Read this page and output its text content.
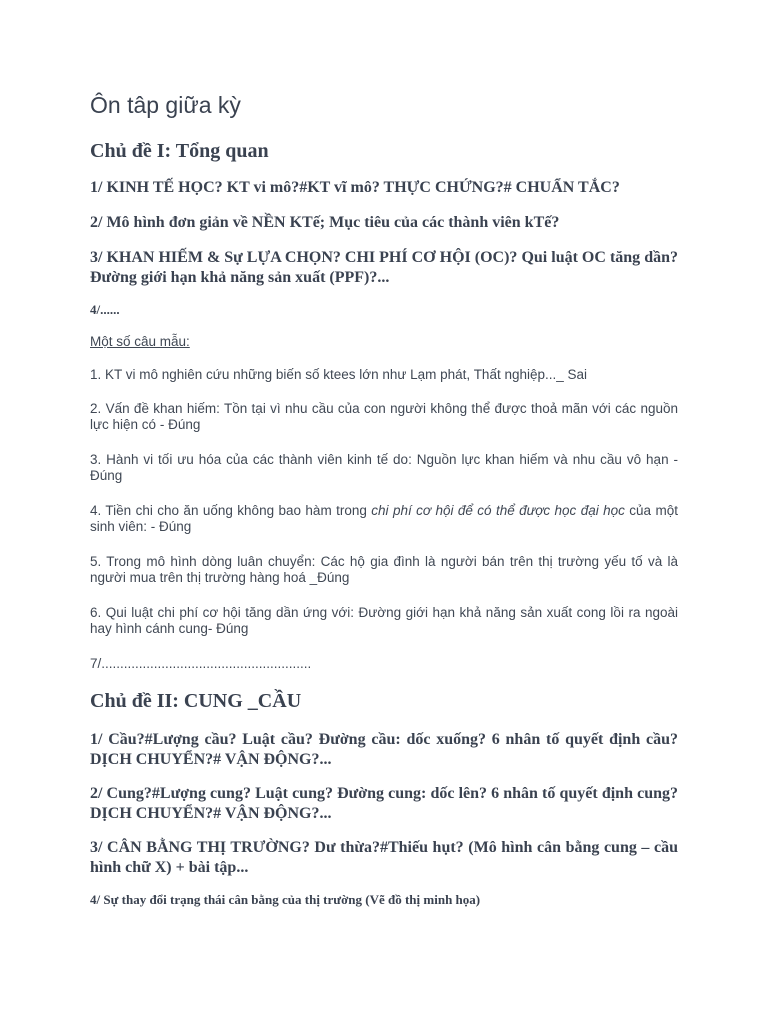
Ôn tâp giữa kỳ
Chủ đề I: Tổng quan
1/ KINH TẾ HỌC? KT vi mô?#KT vĩ mô? THỰC CHỨNG?# CHUẨN TẮC?
2/ Mô hình đơn giản về NỀN KTế; Mục tiêu của các thành viên kTế?
3/ KHAN HIẾM & Sự LỰA CHỌN? CHI PHÍ CƠ HỘI (OC)? Qui luật OC tăng dần? Đường giới hạn khả năng sản xuất (PPF)?...
4/......
Một số câu mẫu:
1. KT vi mô nghiên cứu những biến số ktees lớn như Lạm phát, Thất nghiệp..._ Sai
2. Vấn đề khan hiếm: Tồn tại vì nhu cầu của con người không thể được thoả mãn với các nguồn lực hiện có - Đúng
3. Hành vi tối ưu hóa của các thành viên kinh tế do: Nguồn lực khan hiếm và nhu cầu vô hạn - Đúng
4. Tiền chi cho ăn uống không bao hàm trong chi phí cơ hội để có thể được học đại học của một sinh viên: - Đúng
5. Trong mô hình dòng luân chuyển: Các hộ gia đình là người bán trên thị trường yếu tố và là người mua trên thị trường hàng hoá _Đúng
6. Qui luật chi phí cơ hội tăng dần ứng với: Đường giới hạn khả năng sản xuất cong lồi ra ngoài hay hình cánh cung- Đúng
7/........................................................
Chủ đề II: CUNG _CẦU
1/ Cầu?#Lượng cầu? Luật cầu? Đường cầu: dốc xuống? 6 nhân tố quyết định cầu? DỊCH CHUYỂN?# VẬN ĐỘNG?...
2/ Cung?#Lượng cung? Luật cung? Đường cung: dốc lên? 6 nhân tố quyết định cung? DỊCH CHUYỂN?# VẬN ĐỘNG?...
3/ CÂN BẰNG THỊ TRƯỜNG? Dư thừa?#Thiếu hụt? (Mô hình cân bằng cung – cầu hình chữ X) + bài tập...
4/ Sự thay đổi trạng thái cân bằng của thị trường (Vẽ đồ thị minh họa)
